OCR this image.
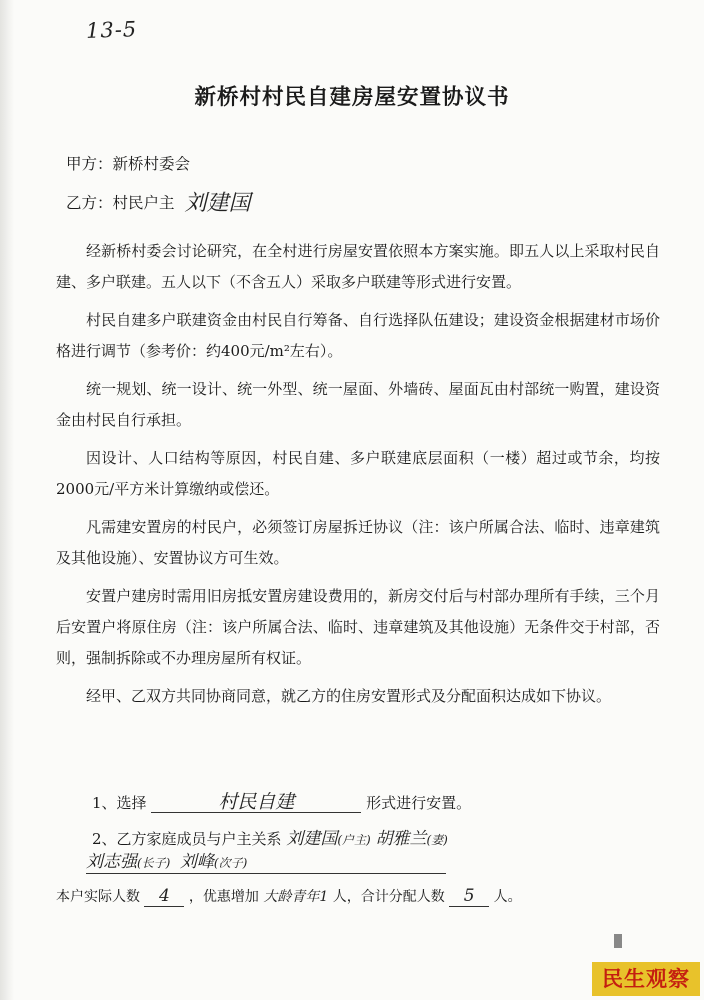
13-5
新桥村村民自建房屋安置协议书
甲方：新桥村委会
乙方：村民户主 刘建国

经新桥村委会讨论研究，在全村进行房屋安置依照本方案实施。即五人以上采取村民自建、多户联建。五人以下（不含五人）采取多户联建等形式进行安置。

村民自建多户联建资金由村民自行筹备、自行选择队伍建设；建设资金根据建材市场价格进行调节（参考价：约400元/m²左右）。

统一规划、统一设计、统一外型、统一屋面、外墙砖、屋面瓦由村部统一购置，建设资金由村民自行承担。

因设计、人口结构等原因，村民自建、多户联建底层面积（一楼）超过或节余，均按2000元/平方米计算缴纳或偿还。

凡需建安置房的村民户，必须签订房屋拆迁协议（注：该户所属合法、临时、违章建筑及其他设施）、安置协议方可生效。

安置户建房时需用旧房抵安置房建设费用的，新房交付后与村部办理所有手续，三个月后安置户将原住房（注：该户所属合法、临时、违章建筑及其他设施）无条件交于村部，否则，强制拆除或不办理房屋所有权证。

经甲、乙双方共同协商同意，就乙方的住房安置形式及分配面积达成如下协议。

1、选择	村民自建	形式进行安置。
2、乙方家庭成员与户主关系 刘建国(户主) 胡雅兰(妻)
刘志强(长子) 刘峰(次子)
本户实际人数 4 ，优惠增加 大龄青年1 人，合计分配人数 5 人。
民生观察
